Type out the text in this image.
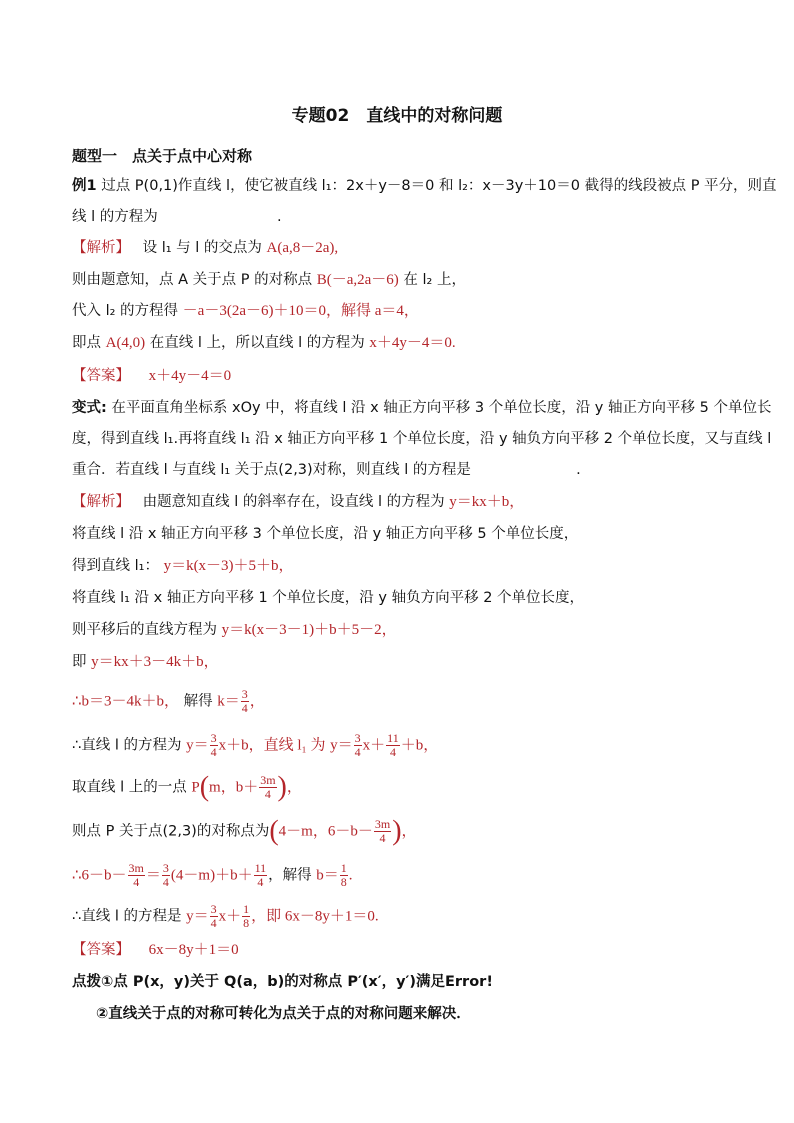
专题02　直线中的对称问题
题型一　点关于点中心对称
例1 过点 P(0,1)作直线 l，使它被直线 l₁：2x＋y－8＝0 和 l₂：x－3y＋10＝0 截得的线段被点 P 平分，则直
线 l 的方程为	.
【解析】 设 l₁ 与 l 的交点为 A(a,8－2a),
则由题意知，点 A 关于点 P 的对称点 B(－a,2a－6) 在 l₂ 上，
代入 l₂ 的方程得 －a－3(2a－6)＋10＝0，解得 a＝4，
即点 A(4,0) 在直线 l 上，所以直线 l 的方程为 x＋4y－4＝0.
【答案】 x＋4y－4＝0
变式: 在平面直角坐标系 xOy 中，将直线 l 沿 x 轴正方向平移 3 个单位长度，沿 y 轴正方向平移 5 个单位长
度，得到直线 l₁.再将直线 l₁ 沿 x 轴正方向平移 1 个单位长度，沿 y 轴负方向平移 2 个单位长度，又与直线 l
重合．若直线 l 与直线 l₁ 关于点(2,3)对称，则直线 l 的方程是	.
【解析】 由题意知直线 l 的斜率存在，设直线 l 的方程为 y＝kx＋b，
将直线 l 沿 x 轴正方向平移 3 个单位长度，沿 y 轴正方向平移 5 个单位长度，
得到直线 l₁： y＝k(x－3)＋5＋b，
将直线 l₁ 沿 x 轴正方向平移 1 个单位长度，沿 y 轴负方向平移 2 个单位长度，
则平移后的直线方程为 y＝k(x－3－1)＋b＋5－2，
即 y＝kx＋3－4k＋b，
∴b＝3－4k＋b， 解得 $k= \frac{3}{4}$ ，
∴直线 l 的方程为 $y= \frac{3}{4} x+b$，直线 l₁ 为 $y= \frac{3}{4} x+ \frac{11}{4} +b$，
取直线 l 上的一点 P(m，$b+ \frac{3m}{4}$ )，
则点 P 关于点(2,3)的对称点为(4－m，$6-b- \frac{3m}{4}$ )，
∴6－b－ $\frac{3m}{4} = \frac{3}{4} (4-m)+b+ \frac{11}{4}$ ，解得 $b= \frac{1}{8}$ .
∴直线 l 的方程是 $y= \frac{3}{4} x+ \frac{1}{8}$ ，即 6x－8y＋1＝0.
【答案】 6x－8y＋1＝0
点拨①点 P(x，y)关于 Q(a，b)的对称点 P′(x′，y′)满足Error!
②直线关于点的对称可转化为点关于点的对称问题来解决．
